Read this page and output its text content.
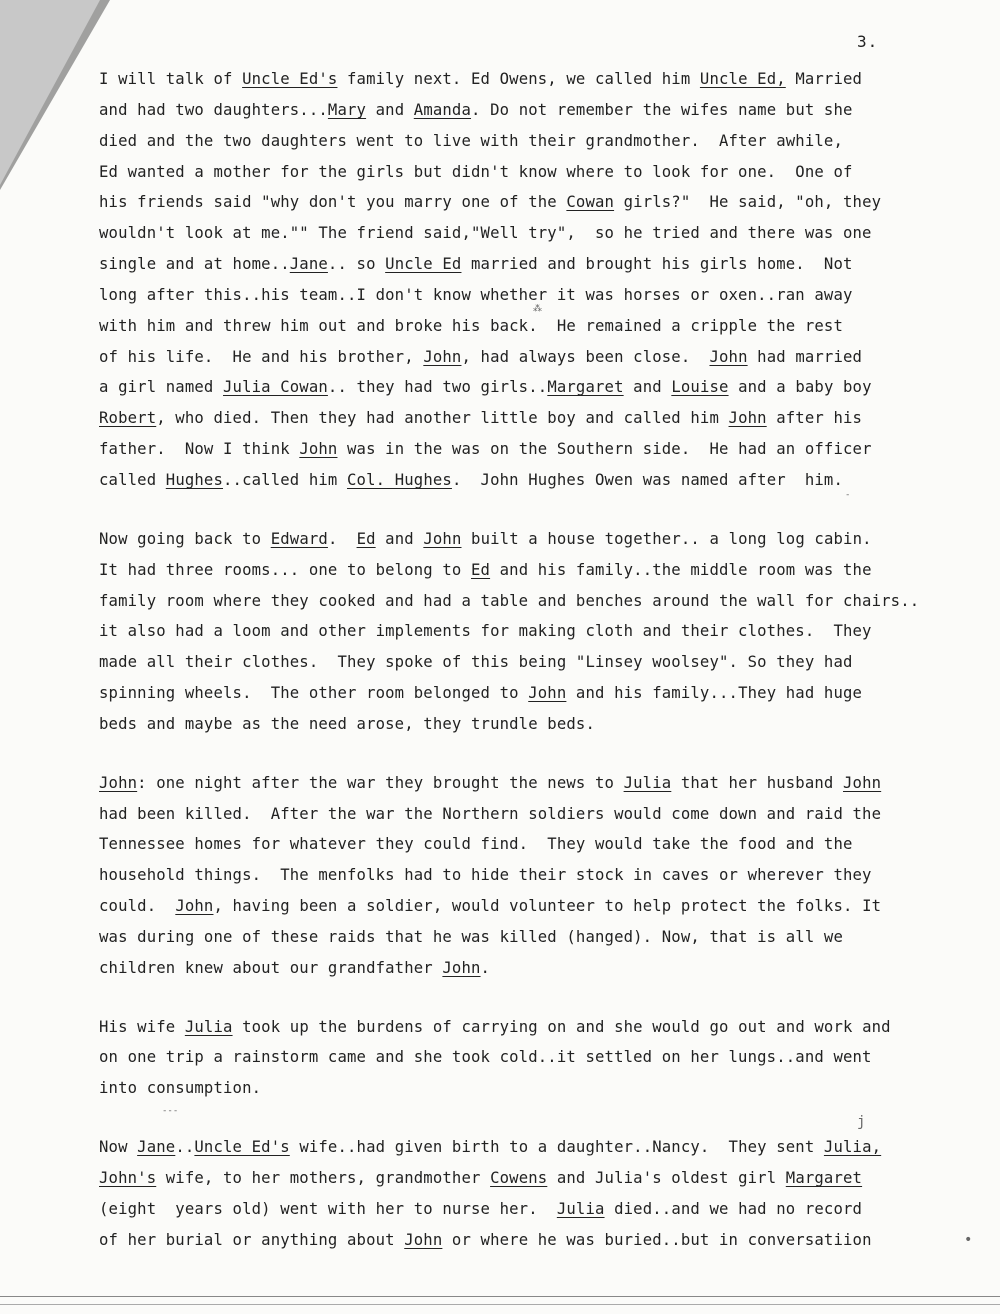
3.
I will talk of Uncle Ed's family next. Ed Owens, we called him Uncle Ed, Married
and had two daughters...Mary and Amanda. Do not remember the wifes name but she
died and the two daughters went to live with their grandmother.  After awhile,
Ed wanted a mother for the girls but didn't know where to look for one.  One of
his friends said "why don't you marry one of the Cowan girls?"  He said, "oh, they
wouldn't look at me."" The friend said,"Well try",  so he tried and there was one
single and at home..Jane.. so Uncle Ed married and brought his girls home.  Not
long after this..his team..I don't know whether it was horses or oxen..ran away
with him and threw him out and broke his back.  He remained a cripple the rest
of his life.  He and his brother, John, had always been close.  John had married
a girl named Julia Cowan.. they had two girls..Margaret and Louise and a baby boy
Robert, who died. Then they had another little boy and called him John after his
father.  Now I think John was in the was on the Southern side.  He had an officer
called Hughes..called him Col. Hughes.  John Hughes Owen was named after  him.
Now going back to Edward.  Ed and John built a house together.. a long log cabin.
It had three rooms... one to belong to Ed and his family..the middle room was the
family room where they cooked and had a table and benches around the wall for chairs..
it also had a loom and other implements for making cloth and their clothes.  They
made all their clothes.  They spoke of this being "Linsey woolsey". So they had
spinning wheels.  The other room belonged to John and his family...They had huge
beds and maybe as the need arose, they trundle beds.
John: one night after the war they brought the news to Julia that her husband John
had been killed.  After the war the Northern soldiers would come down and raid the
Tennessee homes for whatever they could find.  They would take the food and the
household things.  The menfolks had to hide their stock in caves or wherever they
could.  John, having been a soldier, would volunteer to help protect the folks. It
was during one of these raids that he was killed (hanged). Now, that is all we
children knew about our grandfather John.
His wife Julia took up the burdens of carrying on and she would go out and work and
on one trip a rainstorm came and she took cold..it settled on her lungs..and went
into consumption.
Now Jane..Uncle Ed's wife..had given birth to a daughter..Nancy.  They sent Julia,
John's wife, to her mothers, grandmother Cowens and Julia's oldest girl Margaret
(eight  years old) went with her to nurse her.  Julia died..and we had no record
of her burial or anything about John or where he was buried..but in conversatiion
⁂
-
---
j
•
